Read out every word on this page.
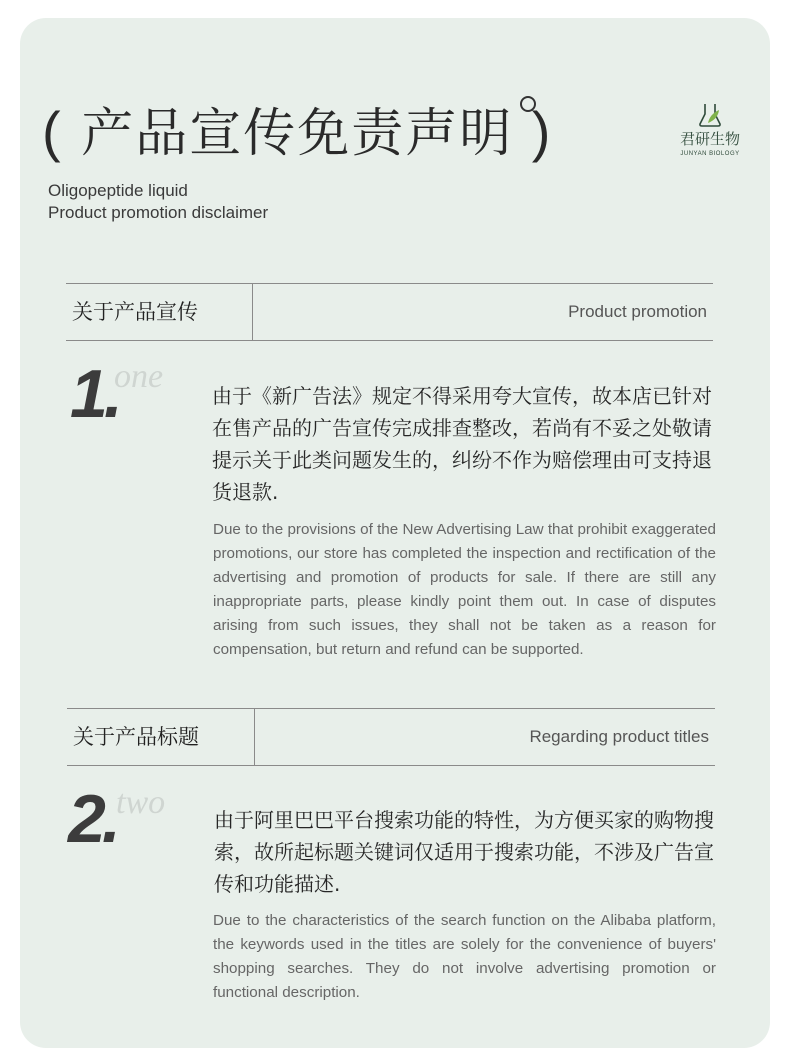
( 产品宣传免责声明 )
Oligopeptide liquid
Product promotion disclaimer
君研生物
JUNYAN BIOLOGY
关于产品宣传	Product promotion
1.
one
由于《新广告法》规定不得采用夸大宣传，故本店已针对在售产品的广告宣传完成排查整改，若尚有不妥之处敬请提示关于此类问题发生的，纠纷不作为赔偿理由可支持退货退款.
Due to the provisions of the New Advertising Law that prohibit exaggerated promotions, our store has completed the inspection and rectification of the advertising and promotion of products for sale. If there are still any inappropriate parts, please kindly point them out. In case of disputes arising from such issues, they shall not be taken as a reason for compensation, but return and refund can be supported.
关于产品标题	Regarding product titles
2. two 由于阿里巴巴平台搜索功能的特性，为方便买家的购物搜索，故所起标题关键词仅适用于搜索功能，不涉及广告宣传和功能描述.
Due to the characteristics of the search function on the Alibaba platform, the keywords used in the titles are solely for the convenience of buyers' shopping searches. They do not involve advertising promotion or functional description.
